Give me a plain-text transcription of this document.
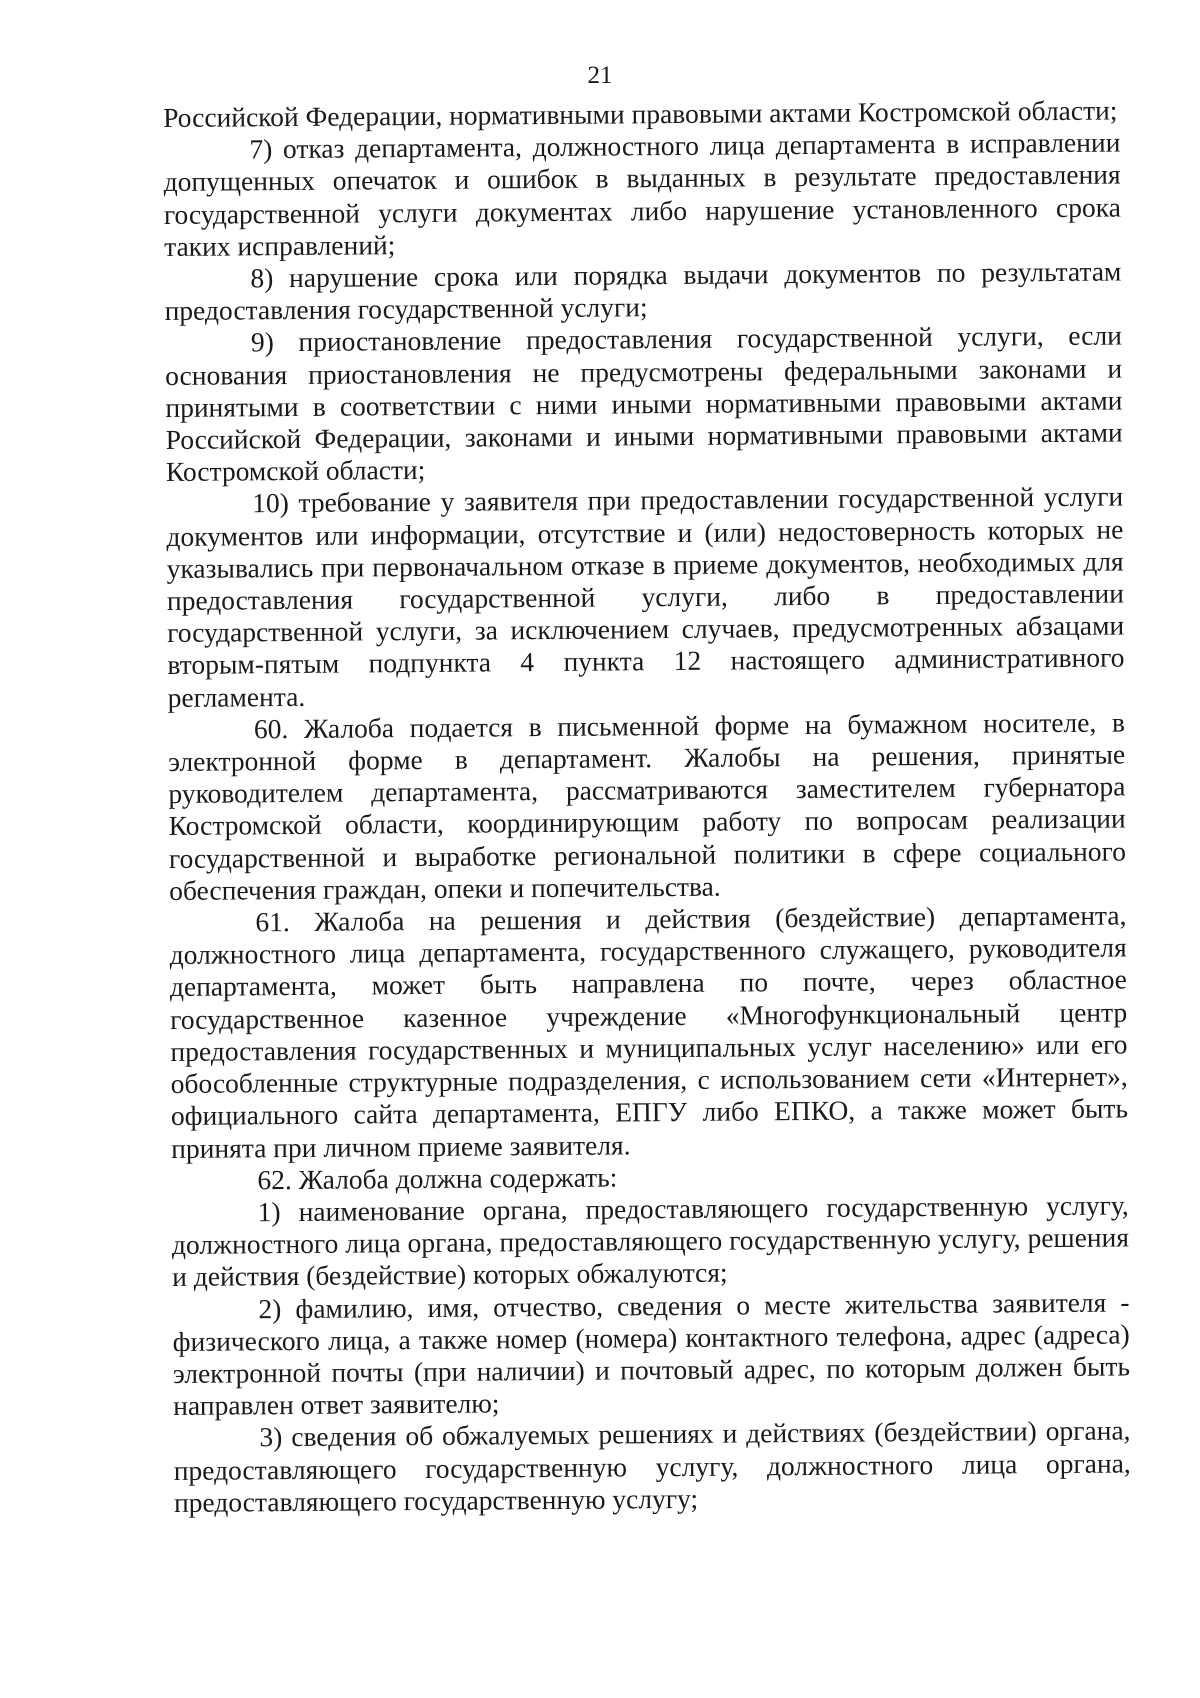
21

Российской Федерации, нормативными правовыми актами Костромской области;

7) отказ департамента, должностного лица департамента в исправлении допущенных опечаток и ошибок в выданных в результате предоставления государственной услуги документах либо нарушение установленного срока таких исправлений;

8) нарушение срока или порядка выдачи документов по результатам предоставления государственной услуги;

9) приостановление предоставления государственной услуги, если основания приостановления не предусмотрены федеральными законами и принятыми в соответствии с ними иными нормативными правовыми актами Российской Федерации, законами и иными нормативными правовыми актами Костромской области;

10) требование у заявителя при предоставлении государственной услуги документов или информации, отсутствие и (или) недостоверность которых не указывались при первоначальном отказе в приеме документов, необходимых для предоставления государственной услуги, либо в предоставлении государственной услуги, за исключением случаев, предусмотренных абзацами вторым-пятым подпункта 4 пункта 12 настоящего административного регламента.

60. Жалоба подается в письменной форме на бумажном носителе, в электронной форме в департамент. Жалобы на решения, принятые руководителем департамента, рассматриваются заместителем губернатора Костромской области, координирующим работу по вопросам реализации государственной и выработке региональной политики в сфере социального обеспечения граждан, опеки и попечительства.

61. Жалоба на решения и действия (бездействие) департамента, должностного лица департамента, государственного служащего, руководителя департамента, может быть направлена по почте, через областное государственное казенное учреждение «Многофункциональный центр предоставления государственных и муниципальных услуг населению» или его обособленные структурные подразделения, с использованием сети «Интернет», официального сайта департамента, ЕПГУ либо ЕПКО, а также может быть принята при личном приеме заявителя.

62. Жалоба должна содержать:

1) наименование органа, предоставляющего государственную услугу, должностного лица органа, предоставляющего государственную услугу, решения и действия (бездействие) которых обжалуются;

2) фамилию, имя, отчество, сведения о месте жительства заявителя - физического лица, а также номер (номера) контактного телефона, адрес (адреса) электронной почты (при наличии) и почтовый адрес, по которым должен быть направлен ответ заявителю;

3) сведения об обжалуемых решениях и действиях (бездействии) органа, предоставляющего государственную услугу, должностного лица органа, предоставляющего государственную услугу;
